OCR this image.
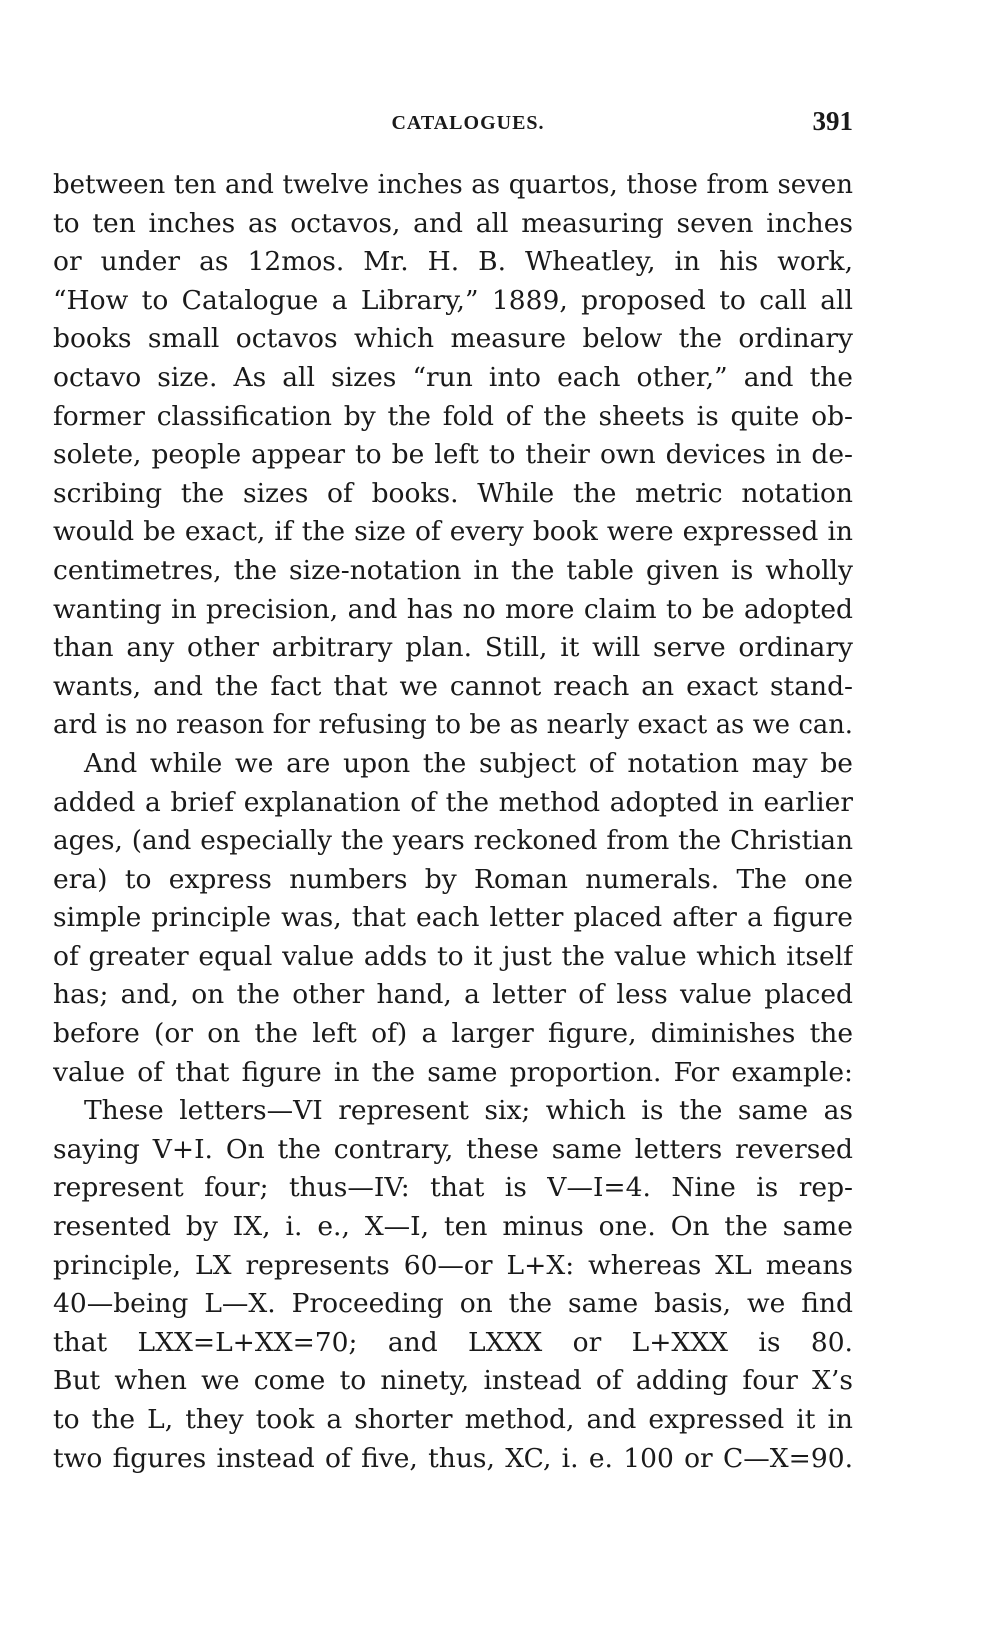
CATALOGUES.	391
between ten and twelve inches as quartos, those from seven
to ten inches as octavos, and all measuring seven inches
or under as 12mos. Mr. H. B. Wheatley, in his work,
“How to Catalogue a Library,” 1889, proposed to call all
books small octavos which measure below the ordinary
octavo size. As all sizes “run into each other,” and the
former classification by the fold of the sheets is quite ob-
solete, people appear to be left to their own devices in de-
scribing the sizes of books. While the metric notation
would be exact, if the size of every book were expressed in
centimetres, the size-notation in the table given is wholly
wanting in precision, and has no more claim to be adopted
than any other arbitrary plan. Still, it will serve ordinary
wants, and the fact that we cannot reach an exact stand-
ard is no reason for refusing to be as nearly exact as we can.
And while we are upon the subject of notation may be
added a brief explanation of the method adopted in earlier
ages, (and especially the years reckoned from the Christian
era) to express numbers by Roman numerals. The one
simple principle was, that each letter placed after a figure
of greater equal value adds to it just the value which itself
has; and, on the other hand, a letter of less value placed
before (or on the left of) a larger figure, diminishes the
value of that figure in the same proportion. For example:
These letters—VI represent six; which is the same as
saying V+I. On the contrary, these same letters reversed
represent four; thus—IV: that is V—I=4. Nine is rep-
resented by IX, i. e., X—I, ten minus one. On the same
principle, LX represents 60—or L+X: whereas XL means
40—being L—X. Proceeding on the same basis, we find
that LXX=L+XX=70; and LXXX or L+XXX is 80.
But when we come to ninety, instead of adding four X’s
to the L, they took a shorter method, and expressed it in
two figures instead of five, thus, XC, i. e. 100 or C—X=90.
